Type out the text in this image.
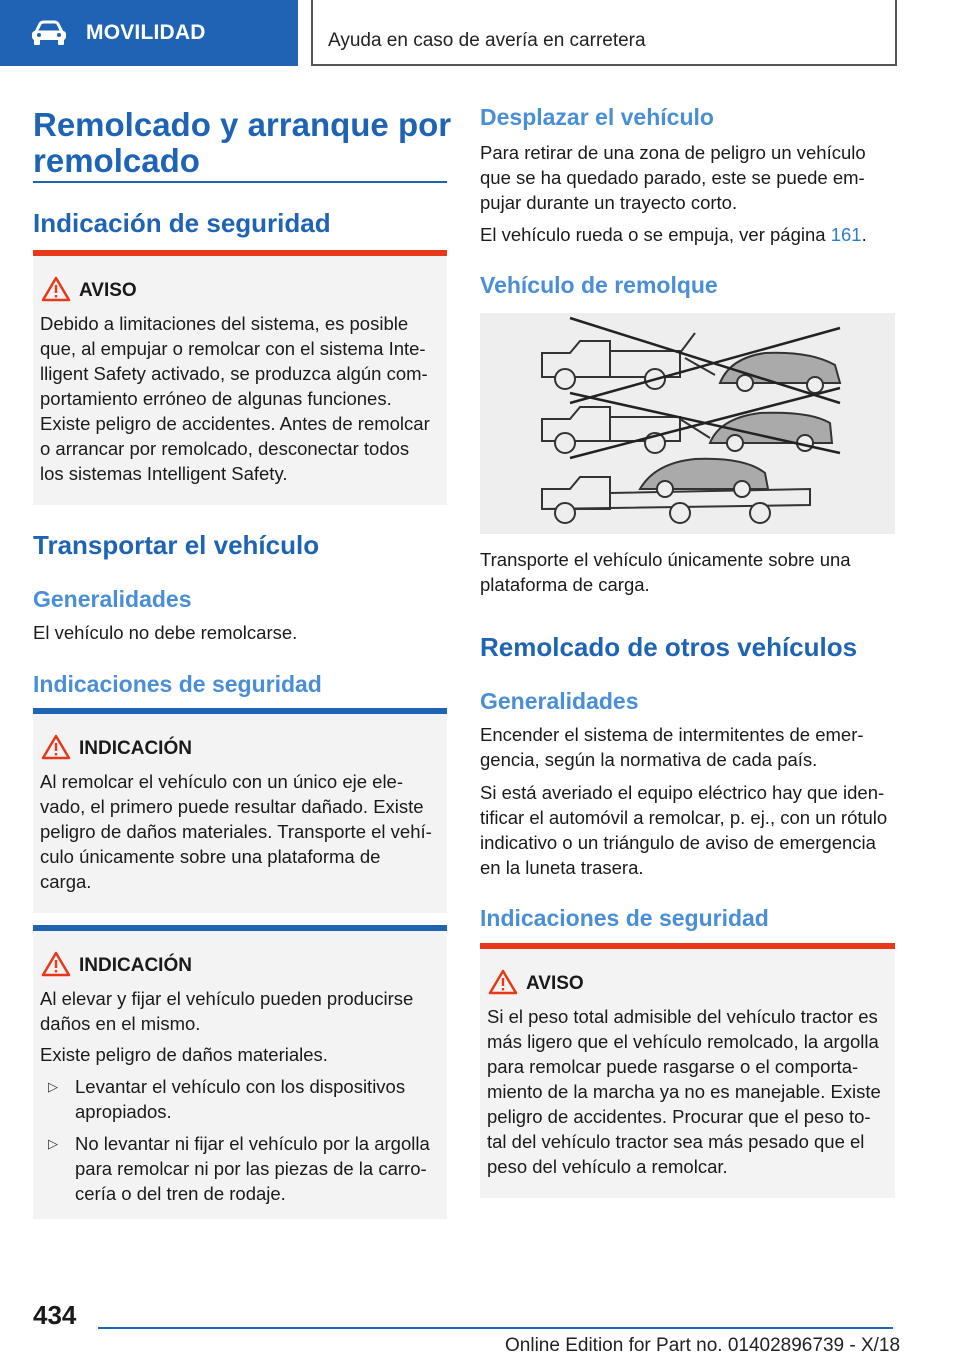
MOVILIDAD	Ayuda en caso de avería en carretera
Remolcado y arranque por
remolcado
Indicación de seguridad
AVISO

Debido a limitaciones del sistema, es posible

que, al empujar o remolcar con el sistema Inte‐

lligent Safety activado, se produzca algún com‐

portamiento erróneo de algunas funciones.

Existe peligro de accidentes. Antes de remolcar

o arrancar por remolcado, desconectar todos

los sistemas Intelligent Safety.

Transportar el vehículo
Generalidades

El vehículo no debe remolcarse.

Indicaciones de seguridad
INDICACIÓN

Al remolcar el vehículo con un único eje ele‐

vado, el primero puede resultar dañado. Existe

peligro de daños materiales. Transporte el vehí‐

culo únicamente sobre una plataforma de

carga.

INDICACIÓN

Al elevar y fijar el vehículo pueden producirse

daños en el mismo.

Existe peligro de daños materiales.

▷ Levantar el vehículo con los dispositivos
apropiados.
▷ No levantar ni fijar el vehículo por la argolla
para remolcar ni por las piezas de la carro‐
cería o del tren de rodaje.
Desplazar el vehículo

Para retirar de una zona de peligro un vehículo

que se ha quedado parado, este se puede em‐

pujar durante un trayecto corto.

El vehículo rueda o se empuja, ver página 161.

Vehículo de remolque

Transporte el vehículo únicamente sobre una

plataforma de carga.

Remolcado de otros vehículos
Generalidades

Encender el sistema de intermitentes de emer‐

gencia, según la normativa de cada país.

Si está averiado el equipo eléctrico hay que iden‐

tificar el automóvil a remolcar, p. ej., con un rótulo

indicativo o un triángulo de aviso de emergencia

en la luneta trasera.

Indicaciones de seguridad
AVISO

Si el peso total admisible del vehículo tractor es

más ligero que el vehículo remolcado, la argolla

para remolcar puede rasgarse o el comporta‐

miento de la marcha ya no es manejable. Existe

peligro de accidentes. Procurar que el peso to‐

tal del vehículo tractor sea más pesado que el

peso del vehículo a remolcar.

434
Online Edition for Part no. 01402896739 - X/18
